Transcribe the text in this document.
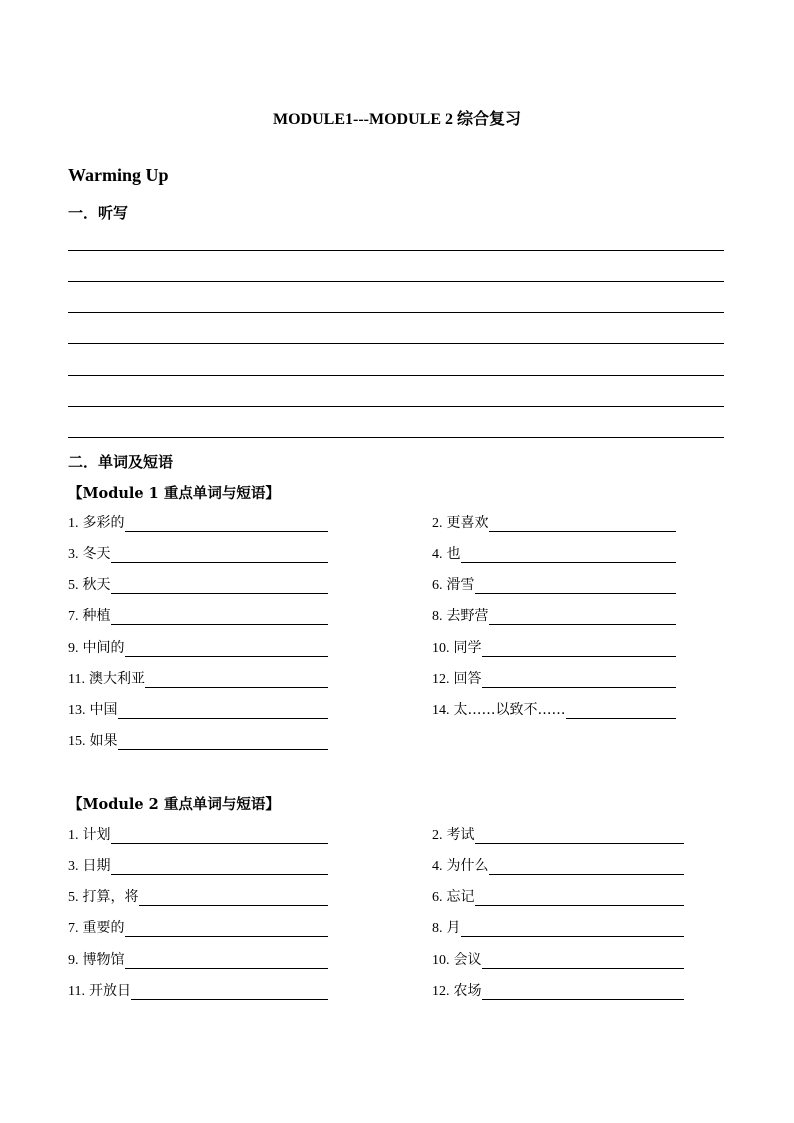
MODULE1---MODULE 2 综合复习
Warming Up
一．听写
二．单词及短语
【Module 1 重点单词与短语】
1. 多彩的	2. 更喜欢
3. 冬天	4. 也
5. 秋天	6. 滑雪
7. 种植	8. 去野营
9. 中间的	10. 同学
11. 澳大利亚	12. 回答
13. 中国	14. 太……以致不……
15. 如果
【Module 2 重点单词与短语】
1. 计划	2. 考试
3. 日期	4. 为什么
5. 打算，将	6. 忘记
7. 重要的	8. 月
9. 博物馆	10. 会议
11. 开放日	12. 农场
